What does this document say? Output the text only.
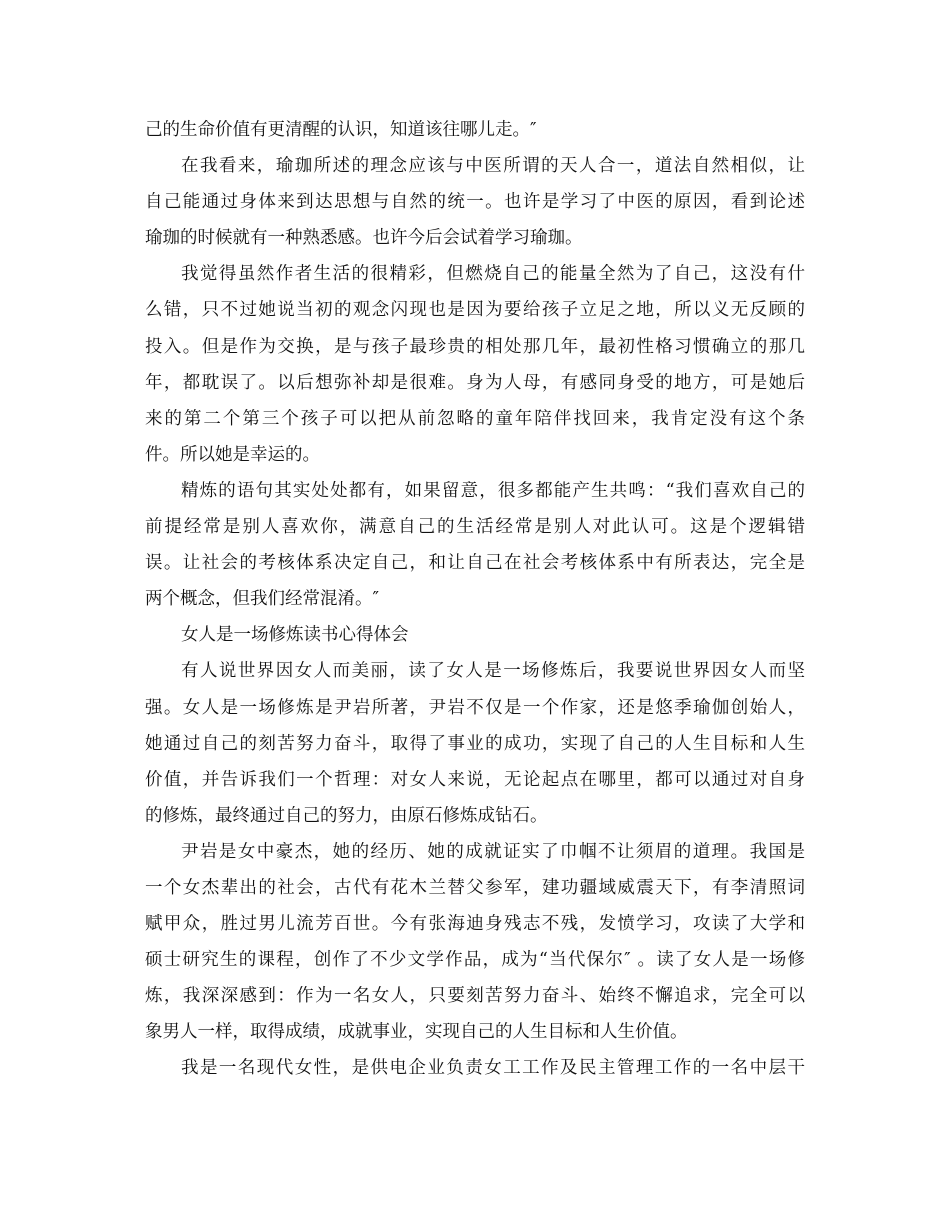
己的生命价值有更清醒的认识，知道该往哪儿走。″
在我看来，瑜珈所述的理念应该与中医所谓的天人合一，道法自然相似，让
自己能通过身体来到达思想与自然的统一。也许是学习了中医的原因，看到论述
瑜珈的时候就有一种熟悉感。也许今后会试着学习瑜珈。
我觉得虽然作者生活的很精彩，但燃烧自己的能量全然为了自己，这没有什
么错，只不过她说当初的观念闪现也是因为要给孩子立足之地，所以义无反顾的
投入。但是作为交换，是与孩子最珍贵的相处那几年，最初性格习惯确立的那几
年，都耽误了。以后想弥补却是很难。身为人母，有感同身受的地方，可是她后
来的第二个第三个孩子可以把从前忽略的童年陪伴找回来，我肯定没有这个条
件。所以她是幸运的。
精炼的语句其实处处都有，如果留意，很多都能产生共鸣：“我们喜欢自己的
前提经常是别人喜欢你，满意自己的生活经常是别人对此认可。这是个逻辑错
误。让社会的考核体系决定自己，和让自己在社会考核体系中有所表达，完全是
两个概念，但我们经常混淆。″
女人是一场修炼读书心得体会
有人说世界因女人而美丽，读了女人是一场修炼后，我要说世界因女人而坚
强。女人是一场修炼是尹岩所著，尹岩不仅是一个作家，还是悠季瑜伽创始人，
她通过自己的刻苦努力奋斗，取得了事业的成功，实现了自己的人生目标和人生
价值，并告诉我们一个哲理：对女人来说，无论起点在哪里，都可以通过对自身
的修炼，最终通过自己的努力，由原石修炼成钻石。
尹岩是女中豪杰，她的经历、她的成就证实了巾帼不让须眉的道理。我国是
一个女杰辈出的社会，古代有花木兰替父参军，建功疆域威震天下，有李清照词
赋甲众，胜过男儿流芳百世。今有张海迪身残志不残，发愤学习，攻读了大学和
硕士研究生的课程，创作了不少文学作品，成为“当代保尔″ 。读了女人是一场修
炼，我深深感到：作为一名女人，只要刻苦努力奋斗、始终不懈追求，完全可以
象男人一样，取得成绩，成就事业，实现自己的人生目标和人生价值。
我是一名现代女性，是供电企业负责女工工作及民主管理工作的一名中层干
